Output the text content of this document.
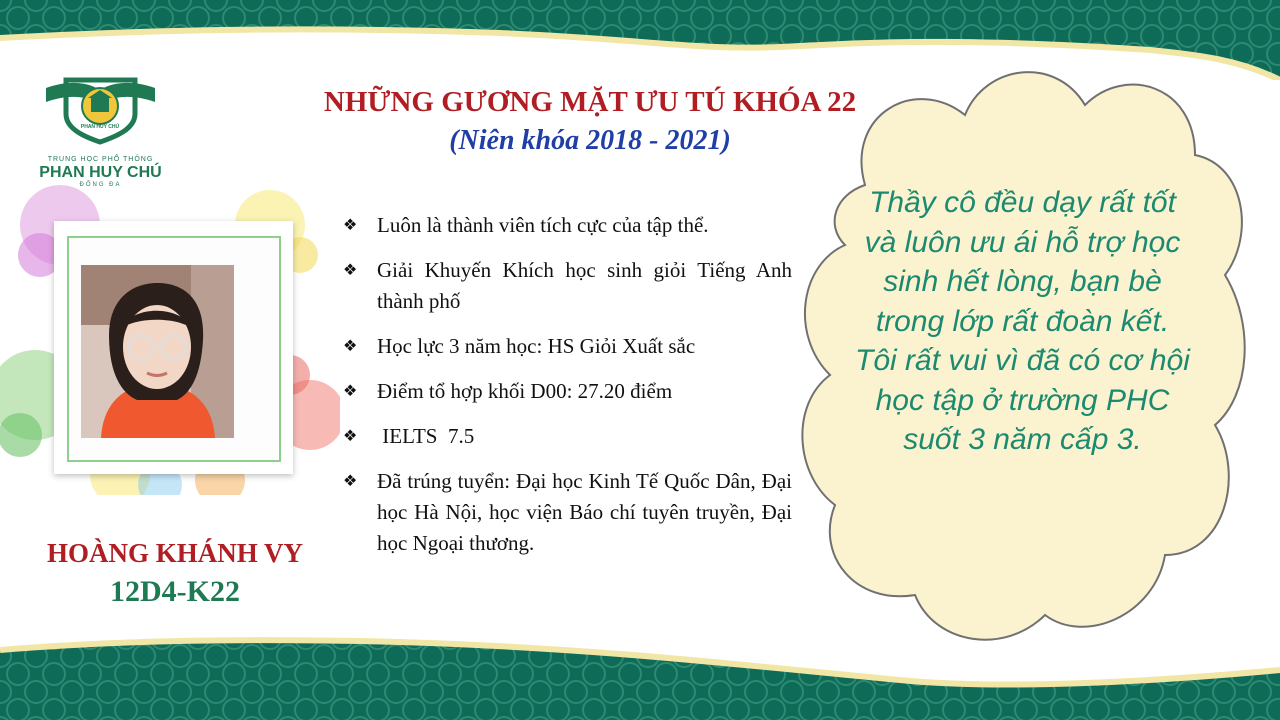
PHAN HUY CHÚ
TRUNG HỌC PHỔ THÔNG
PHAN HUY CHÚ
ĐỐNG ĐA
NHỮNG GƯƠNG MẶT ƯU TÚ KHÓA 22
(Niên khóa 2018 - 2021)
HOÀNG KHÁNH VY
12D4-K22
❖ Luôn là thành viên tích cực của tập thể.
❖ Giải Khuyến Khích học sinh giỏi Tiếng Anh thành phố
❖ Học lực 3 năm học: HS Giỏi Xuất sắc
❖ Điểm tổ hợp khối D00: 27.20 điểm
❖ IELTS  7.5
❖ Đã trúng tuyển: Đại học Kinh Tế Quốc Dân, Đại học Hà Nội, học viện Báo chí tuyên truyền, Đại học Ngoại thương.
Thầy cô đều dạy rất tốt và luôn ưu ái hỗ trợ học sinh hết lòng, bạn bè trong lớp rất đoàn kết. Tôi rất vui vì đã có cơ hội học tập ở trường PHC suốt 3 năm cấp 3.
